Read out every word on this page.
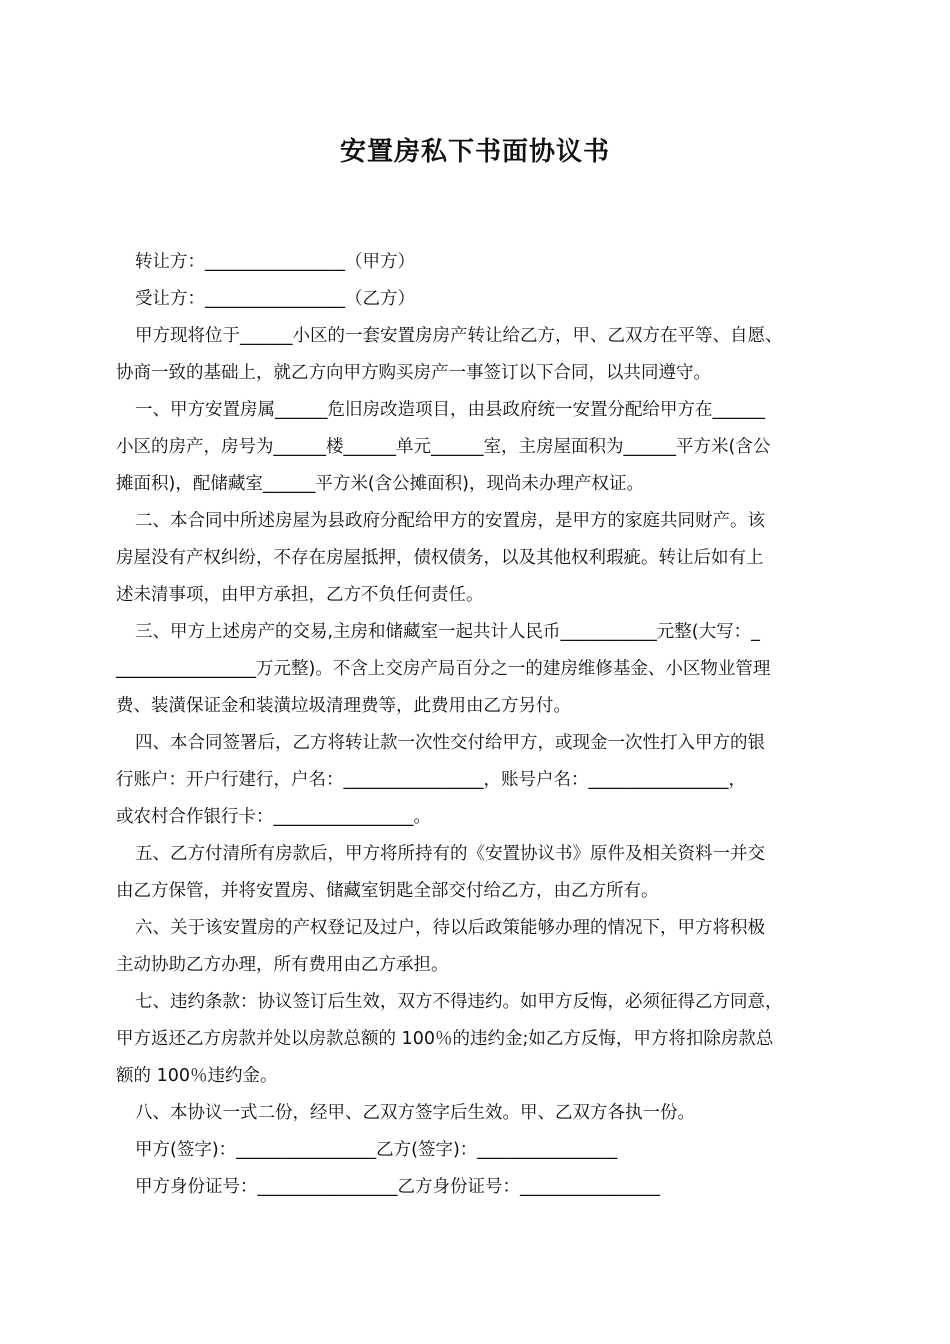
安置房私下书面协议书
转让方：________________（甲方）
受让方：________________（乙方）
甲方现将位于______小区的一套安置房房产转让给乙方，甲、乙双方在平等、自愿、
协商一致的基础上，就乙方向甲方购买房产一事签订以下合同，以共同遵守。
一、甲方安置房属______危旧房改造项目，由县政府统一安置分配给甲方在______
小区的房产，房号为______楼______单元______室，主房屋面积为______平方米(含公
摊面积)，配储藏室______平方米(含公摊面积)，现尚未办理产权证。
二、本合同中所述房屋为县政府分配给甲方的安置房，是甲方的家庭共同财产。该
房屋没有产权纠纷，不存在房屋抵押，债权债务，以及其他权利瑕疵。转让后如有上
述未清事项，由甲方承担，乙方不负任何责任。
三、甲方上述房产的交易,主房和储藏室一起共计人民币___________元整(大写：_
________________万元整)。不含上交房产局百分之一的建房维修基金、小区物业管理
费、装潢保证金和装潢垃圾清理费等，此费用由乙方另付。
四、本合同签署后，乙方将转让款一次性交付给甲方，或现金一次性打入甲方的银
行账户：开户行建行，户名：________________，账号户名：________________，
或农村合作银行卡：________________。
五、乙方付清所有房款后，甲方将所持有的《安置协议书》原件及相关资料一并交
由乙方保管，并将安置房、储藏室钥匙全部交付给乙方，由乙方所有。
六、关于该安置房的产权登记及过户，待以后政策能够办理的情况下，甲方将积极
主动协助乙方办理，所有费用由乙方承担。
七、违约条款：协议签订后生效，双方不得违约。如甲方反悔，必须征得乙方同意，
甲方返还乙方房款并处以房款总额的 100％的违约金;如乙方反悔，甲方将扣除房款总
额的 100％违约金。
八、本协议一式二份，经甲、乙双方签字后生效。甲、乙双方各执一份。
甲方(签字)：________________乙方(签字)：________________
甲方身份证号：________________乙方身份证号：________________
